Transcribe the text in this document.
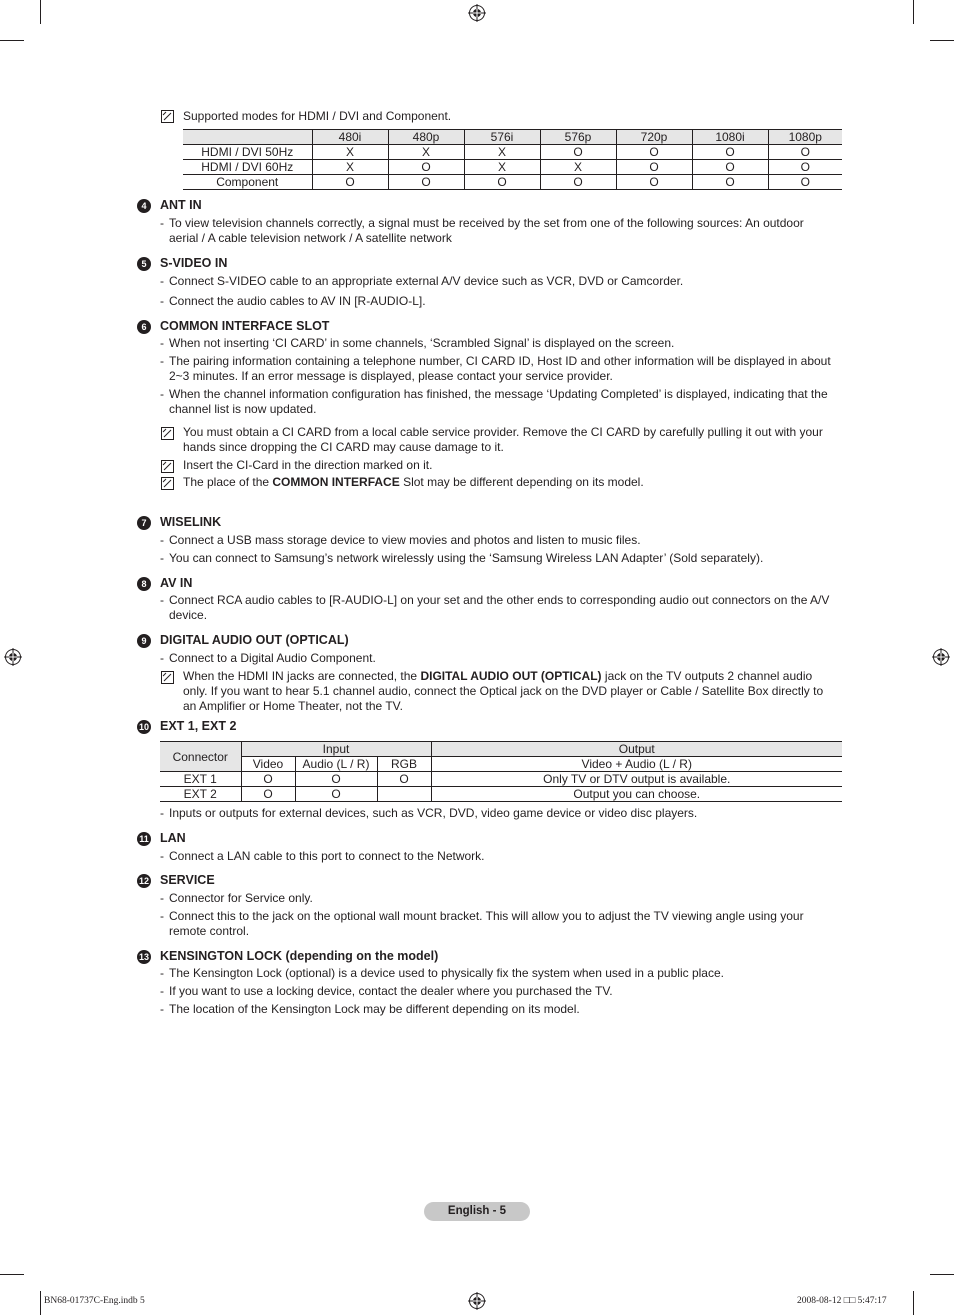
Supported modes for HDMI / DVI and Component.
	480i	480p	576i	576p	720p	1080i	1080p
HDMI / DVI 50Hz	X	X	X	O	O	O	O
HDMI / DVI 60Hz	X	O	X	X	O	O	O
Component	O	O	O	O	O	O	O
4	ANT IN
- To view television channels correctly, a signal must be received by the set from one of the following sources: An outdoor
aerial / A cable television network / A satellite network
5	S-VIDEO IN
- Connect S-VIDEO cable to an appropriate external A/V device such as VCR, DVD or Camcorder.
- Connect the audio cables to AV IN [R-AUDIO-L].
6	COMMON INTERFACE SLOT
- When not inserting ‘CI CARD’ in some channels, ‘Scrambled Signal’ is displayed on the screen.
- The pairing information containing a telephone number, CI CARD ID, Host ID and other information will be displayed in about
2~3 minutes. If an error message is displayed, please contact your service provider.
- When the channel information configuration has finished, the message ‘Updating Completed’ is displayed, indicating that the
channel list is now updated.
You must obtain a CI CARD from a local cable service provider. Remove the CI CARD by carefully pulling it out with your
hands since dropping the CI CARD may cause damage to it.
Insert the CI-Card in the direction marked on it.
The place of the COMMON INTERFACE Slot may be different depending on its model.
7	WISELINK
- Connect a USB mass storage device to view movies and photos and listen to music files.
- You can connect to Samsung’s network wirelessly using the ‘Samsung Wireless LAN Adapter’ (Sold separately).
8	AV IN
- Connect RCA audio cables to [R-AUDIO-L] on your set and the other ends to corresponding audio out connectors on the A/V
device.
9	DIGITAL AUDIO OUT (OPTICAL)
- Connect to a Digital Audio Component.
When the HDMI IN jacks are connected, the DIGITAL AUDIO OUT (OPTICAL) jack on the TV outputs 2 channel audio
only. If you want to hear 5.1 channel audio, connect the Optical jack on the DVD player or Cable / Satellite Box directly to
an Amplifier or Home Theater, not the TV.
10 EXT 1, EXT 2
Connector	Input			Output
	Video	Audio (L / R)	RGB	Video + Audio (L / R)
EXT 1	O	O	O	Only TV or DTV output is available.
EXT 2	O	O		Output you can choose.
- Inputs or outputs for external devices, such as VCR, DVD, video game device or video disc players.
11 LAN
- Connect a LAN cable to this port to connect to the Network.
12 SERVICE
- Connector for Service only.
- Connect this to the jack on the optional wall mount bracket. This will allow you to adjust the TV viewing angle using your
remote control.
13 KENSINGTON LOCK (depending on the model)
- The Kensington Lock (optional) is a device used to physically fix the system when used in a public place.
- If you want to use a locking device, contact the dealer where you purchased the TV.
- The location of the Kensington Lock may be different depending on its model.
English - 5
BN68-01737C-Eng.indb 5	2008-08-12 □□ 5:47:17
